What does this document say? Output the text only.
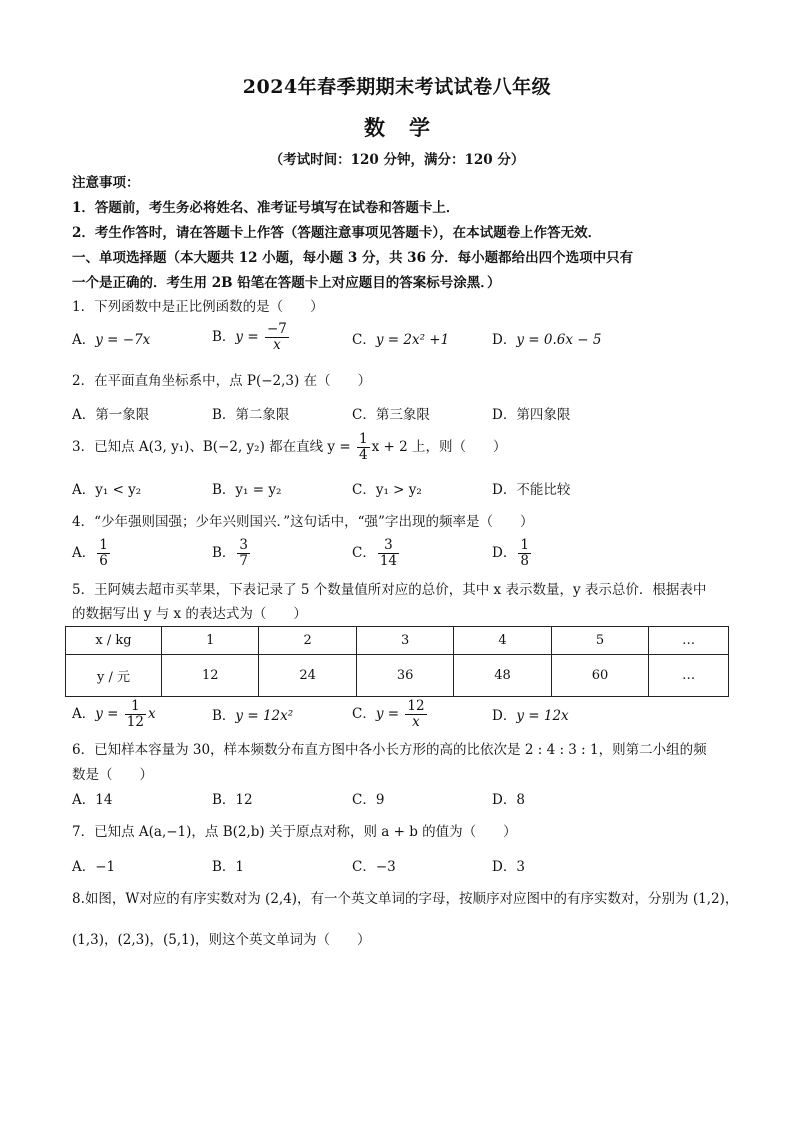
2024年春季期期末考试试卷八年级
数学
（考试时间：120 分钟，满分：120 分）
注意事项：
1．答题前，考生务必将姓名、准考证号填写在试卷和答题卡上．
2．考生作答时，请在答题卡上作答（答题注意事项见答题卡），在本试题卷上作答无效．
一、单项选择题（本大题共 12 小题，每小题 3 分，共 36 分．每小题都给出四个选项中只有
一个是正确的．考生用 2B 铅笔在答题卡上对应题目的答案标号涂黑．）
1．下列函数中是正比例函数的是（　　）
A．y = −7x	B．$y = \frac{-7}{x}$	C．y = 2x² +1	D．y = 0.6x − 5
2．在平面直角坐标系中，点 P(−2,3) 在（　　）
A．第一象限	B．第二象限	C．第三象限	D．第四象限
3．已知点 A(3, y₁)、B(−2, y₂) 都在直线 $y = \frac{1}{4}$ x + 2 上，则（　　）
A．y₁ < y₂	B．y₁ = y₂	C．y₁ > y₂	D．不能比较
4．“少年强则国强；少年兴则国兴．”这句话中，“强”字出现的频率是（　　）
A． $\frac{1}{6}$	B． $\frac{3}{7}$	C． $\frac{3}{14}$	D． $\frac{1}{8}$
5．王阿姨去超市买苹果，下表记录了 5 个数量值所对应的总价，其中 x 表示数量，y 表示总价．根据表中
的数据写出 y 与 x 的表达式为（　　）
x / kg	1	2	3	4	5	…
y / 元	12	24	36	48	60	…
A．$y = \frac{1}{12}$ x	B．y = 12x²	C．$y = \frac{12}{x}$	D．y = 12x
6．已知样本容量为 30，样本频数分布直方图中各小长方形的高的比依次是 2 : 4 : 3 : 1，则第二小组的频
数是（　　）
A．14	B．12	C．9	D．8
7．已知点 A(a,−1)，点 B(2,b) 关于原点对称，则 a + b 的值为（　　）
A．−1	B．1	C．−3	D．3
8.如图，W对应的有序实数对为 (2,4)，有一个英文单词的字母，按顺序对应图中的有序实数对，分别为 (1,2)，
(1,3)，(2,3)，(5,1)，则这个英文单词为（　　）
